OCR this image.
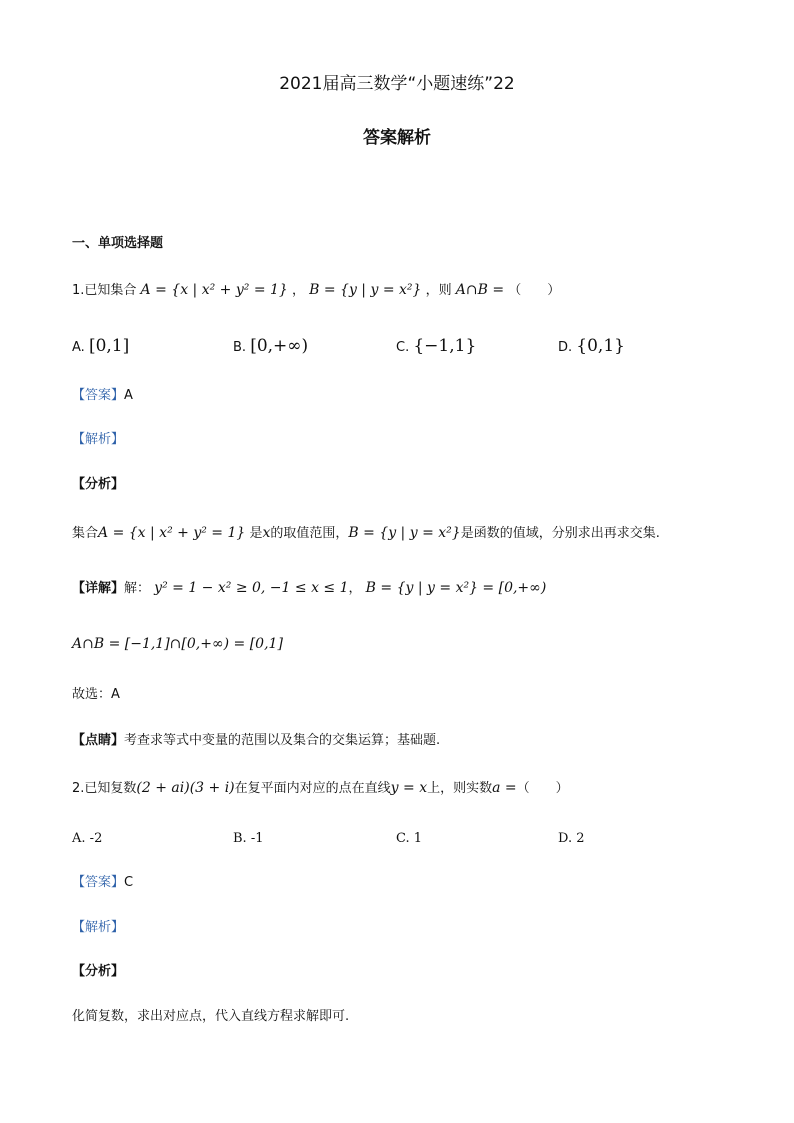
2021届高三数学“小题速练”22
答案解析
一、单项选择题
1.已知集合 A = {x | x² + y² = 1} ， B = {y | y = x²} ，则 A∩B = （　　）
A. [0,1]	B. [0,+∞)	C. {−1,1}	D. {0,1}
【答案】A
【解析】
【分析】
集合A = {x | x² + y² = 1} 是x的取值范围，B = {y | y = x²}是函数的值域，分别求出再求交集.
【详解】解： y² = 1 − x² ≥ 0, −1 ≤ x ≤ 1， B = {y | y = x²} = [0,+∞)
A∩B = [−1,1]∩[0,+∞) = [0,1]
故选：A
【点睛】考查求等式中变量的范围以及集合的交集运算；基础题.
2.已知复数(2 + ai)(3 + i)在复平面内对应的点在直线y = x上，则实数a =（　　）
A. -2	B. -1	C. 1	D. 2
【答案】C
【解析】
【分析】
化简复数，求出对应点，代入直线方程求解即可.
